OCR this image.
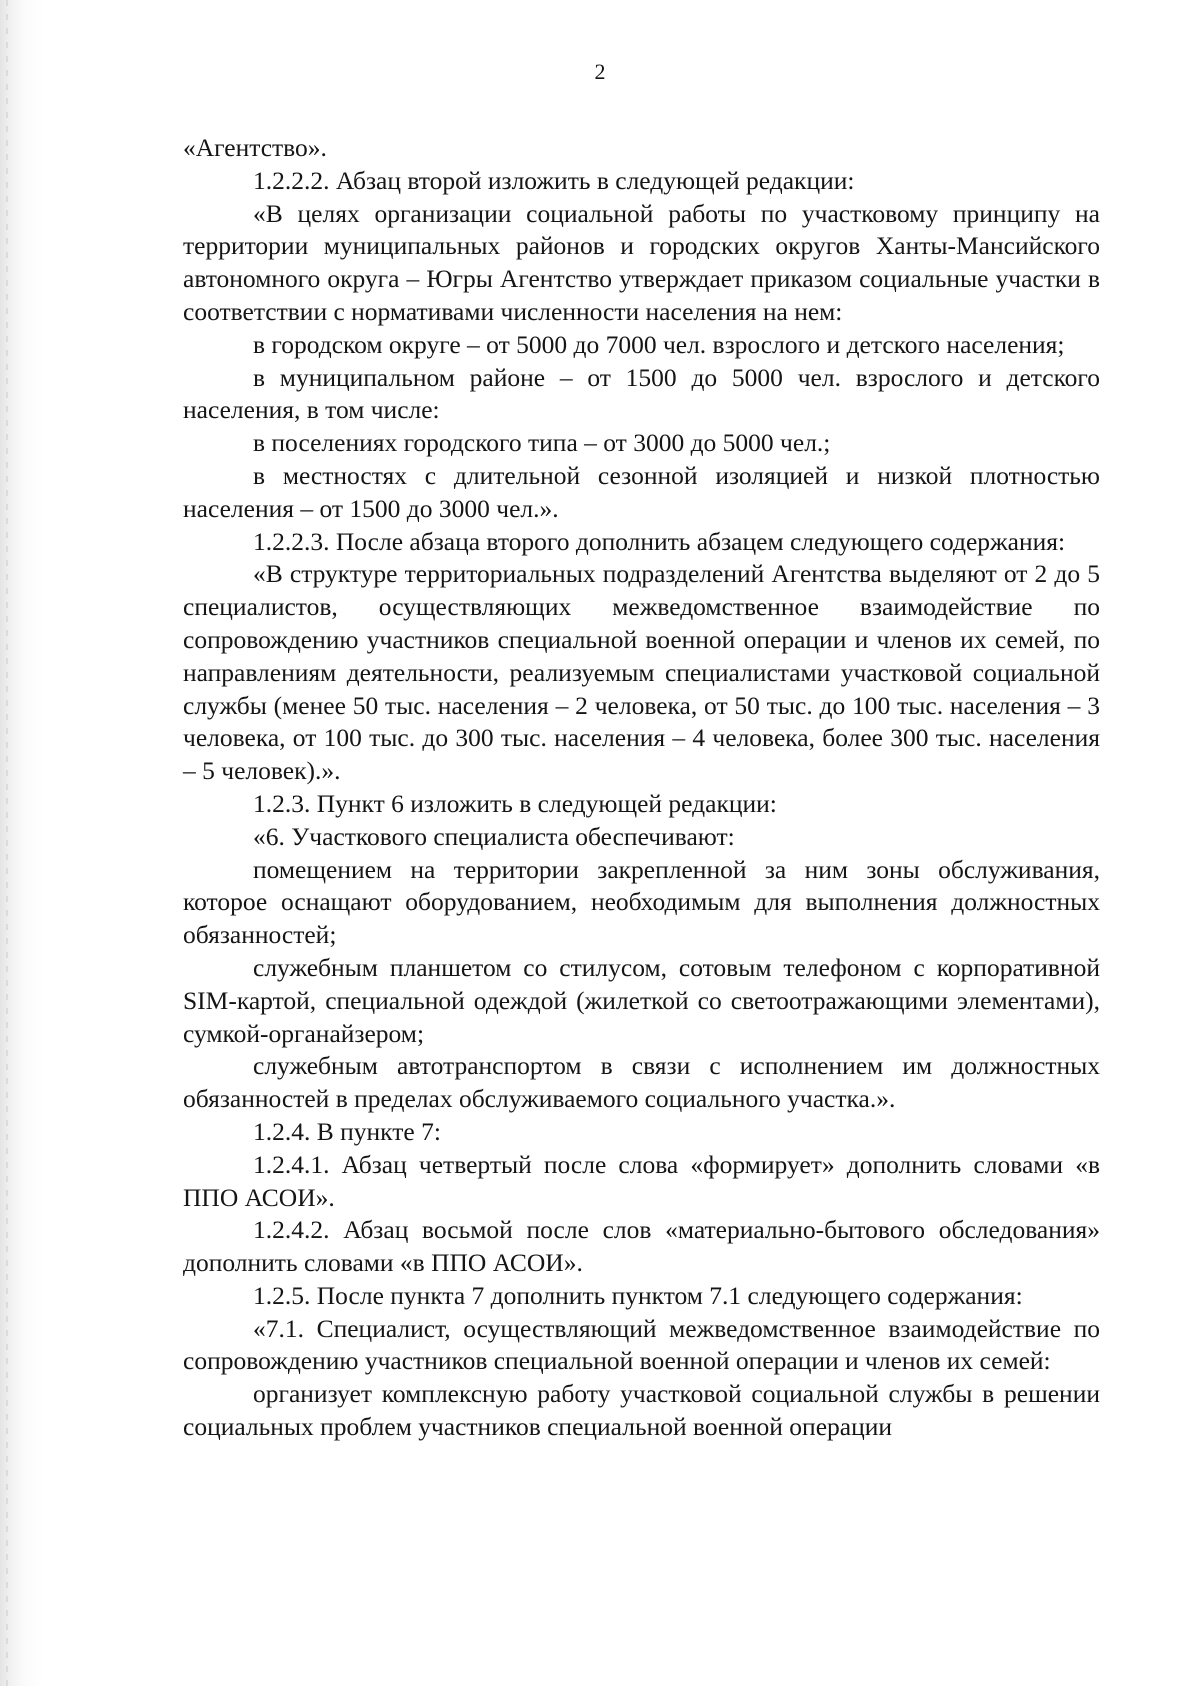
2

«Агентство».

1.2.2.2. Абзац второй изложить в следующей редакции:

«В целях организации социальной работы по участковому принципу на территории муниципальных районов и городских округов Ханты-Мансийского автономного округа – Югры Агентство утверждает приказом социальные участки в соответствии с нормативами численности населения на нем:

в городском округе – от 5000 до 7000 чел. взрослого и детского населения;

в муниципальном районе – от 1500 до 5000 чел. взрослого и детского населения, в том числе:

в поселениях городского типа – от 3000 до 5000 чел.;

в местностях с длительной сезонной изоляцией и низкой плотностью населения – от 1500 до 3000 чел.».

1.2.2.3. После абзаца второго дополнить абзацем следующего содержания:

«В структуре территориальных подразделений Агентства выделяют от 2 до 5 специалистов, осуществляющих межведомственное взаимодействие по сопровождению участников специальной военной операции и членов их семей, по направлениям деятельности, реализуемым специалистами участковой социальной службы (менее 50 тыс. населения – 2 человека, от 50 тыс. до 100 тыс. населения – 3 человека, от 100 тыс. до 300 тыс. населения – 4 человека, более 300 тыс. населения – 5 человек).».

1.2.3. Пункт 6 изложить в следующей редакции:

«6. Участкового специалиста обеспечивают:

помещением на территории закрепленной за ним зоны обслуживания, которое оснащают оборудованием, необходимым для выполнения должностных обязанностей;

служебным планшетом со стилусом, сотовым телефоном с корпоративной SIM-картой, специальной одеждой (жилеткой со светоотражающими элементами), сумкой-органайзером;

служебным автотранспортом в связи с исполнением им должностных обязанностей в пределах обслуживаемого социального участка.».

1.2.4. В пункте 7:

1.2.4.1. Абзац четвертый после слова «формирует» дополнить словами «в ППО АСОИ».

1.2.4.2. Абзац восьмой после слов «материально-бытового обследования» дополнить словами «в ППО АСОИ».

1.2.5. После пункта 7 дополнить пунктом 7.1 следующего содержания:

«7.1. Специалист, осуществляющий межведомственное взаимодействие по сопровождению участников специальной военной операции и членов их семей:

организует комплексную работу участковой социальной службы в решении социальных проблем участников специальной военной операции
